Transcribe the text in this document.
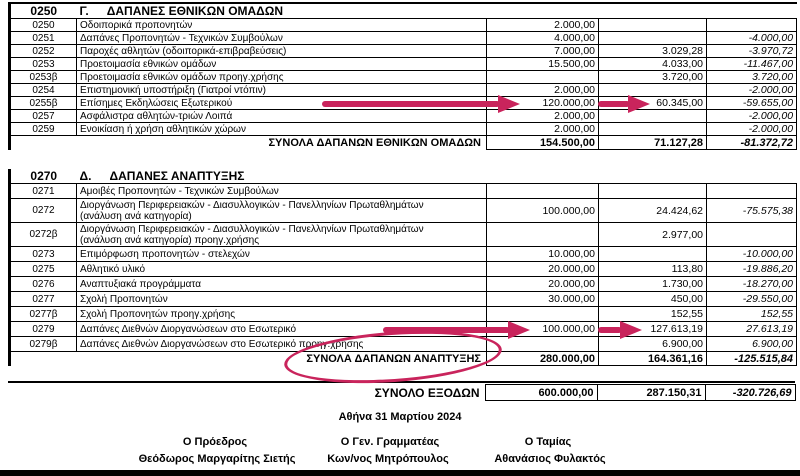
0250	Γ. ΔΑΠΑΝΕΣ ΕΘΝΙΚΩΝ ΟΜΑΔΩΝ			
0250	Οδοιπορικά προπονητών	2.000,00		
0251	Δαπάνες Προπονητών - Τεχνικών Συμβούλων	4.000,00		-4.000,00
0252	Παροχές αθλητών (οδοιπορικά-επιβραβεύσεις)	7.000,00	3.029,28	-3.970,72
0253	Προετοιμασία εθνικών ομάδων	15.500,00	4.033,00	-11.467,00
0253β	Προετοιμασία εθνικών ομάδων προηγ.χρήσης		3.720,00	3.720,00
0254	Επιστημονική υποστήριξη (Γιατροί ντόπιν)	2.000,00		-2.000,00
0255β	Επίσημες Εκδηλώσεις Εξωτερικού	120.000,00	60.345,00	-59.655,00
0257	Ασφάλιστρα αθλητών-τριών Λοιπά	2.000,00		-2.000,00
0259	Ενοικίαση ή χρήση αθλητικών χώρων	2.000,00		-2.000,00
ΣΥΝΟΛΑ ΔΑΠΑΝΩΝ ΕΘΝΙΚΩΝ ΟΜΑΔΩΝ		154.500,00	71.127,28	-81.372,72
0270	Δ. ΔΑΠΑΝΕΣ ΑΝΑΠΤΥΞΗΣ			
0271	Αμοιβές Προπονητών - Τεχνικών Συμβούλων			
0272	Διοργάνωση Περιφερειακών - Διασυλλογικών - Πανελληνίων Πρωταθλημάτων
(ανάλυση ανά κατηγορία)	100.000,00	24.424,62	-75.575,38
0272β	Διοργάνωση Περιφερειακών - Διασυλλογικών - Πανελληνίων Πρωταθλημάτων
(ανάλυση ανά κατηγορία) προηγ.χρήσης		2.977,00	
0273	Επιμόρφωση προπονητών - στελεχών	10.000,00		-10.000,00
0275	Αθλητικό υλικό	20.000,00	113,80	-19.886,20
0276	Αναπτυξιακά προγράμματα	20.000,00	1.730,00	-18.270,00
0277	Σχολή Προπονητών	30.000,00	450,00	-29.550,00
0277β	Σχολή Προπονητών προηγ.χρήσης		152,55	152,55
0279	Δαπάνες Διεθνών Διοργανώσεων στο Εσωτερικό	100.000,00	127.613,19	27.613,19
0279β	Δαπάνες Διεθνών Διοργανώσεων στο Εσωτερικό προηγ.χρήσης		6.900,00	6.900,00
ΣΥΝΟΛΑ ΔΑΠΑΝΩΝ ΑΝΑΠΤΥΞΗΣ		280.000,00	164.361,16	-125.515,84
ΣΥΝΟΛΟ ΕΞΟΔΩΝ	600.000,00	287.150,31	-320.726,69
Αθήνα 31 Μαρτίου 2024
Ο Πρόεδρος	Ο Γεν. Γραμματέας	Ο Ταμίας
Θεόδωρος Μαργαρίτης Σιετής	Κων/νος Μητρόπουλος	Αθανάσιος Φυλακτός
